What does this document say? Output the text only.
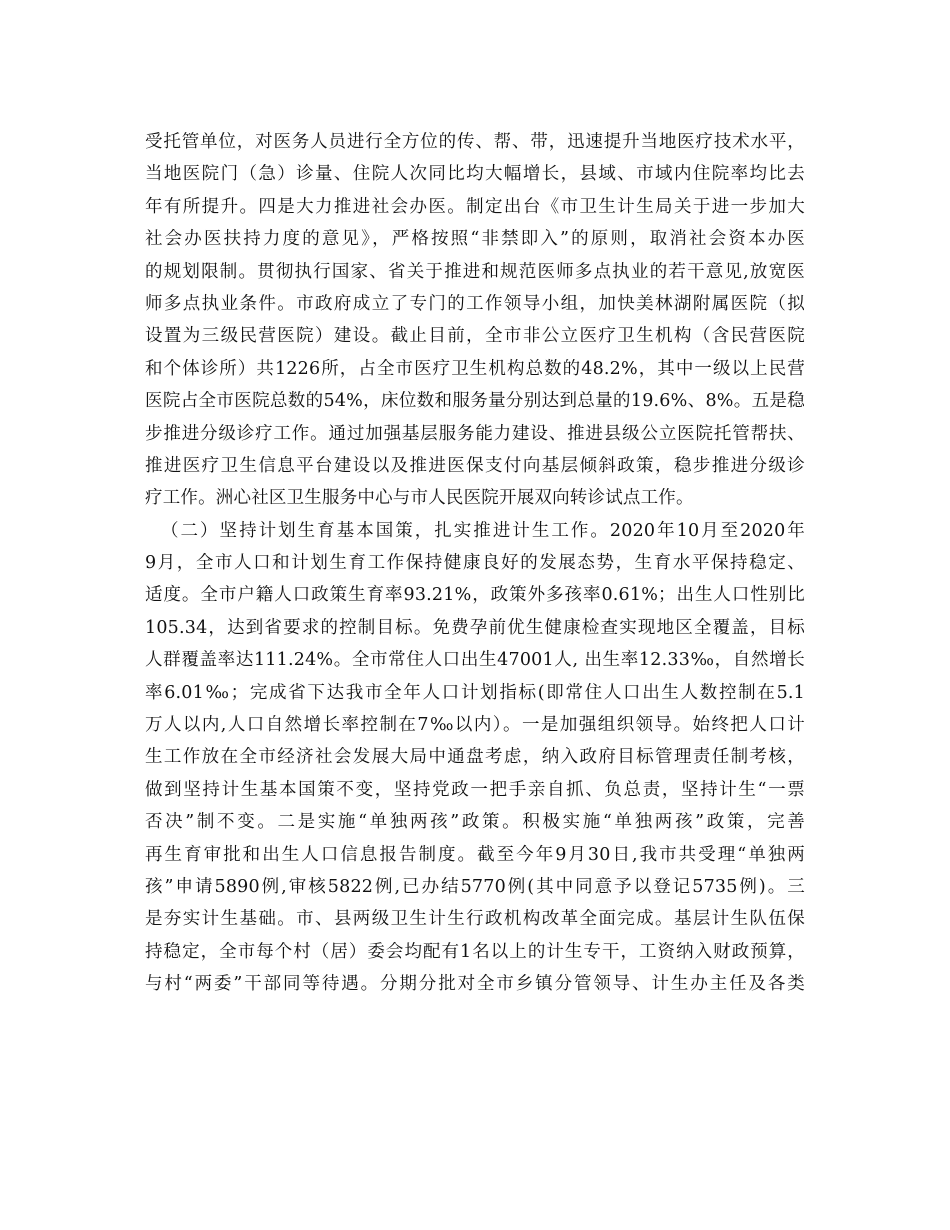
受托管单位，对医务人员进行全方位的传、帮、带，迅速提升当地医疗技术水平，
当地医院门（急）诊量、住院人次同比均大幅增长，县域、市域内住院率均比去
年有所提升。四是大力推进社会办医。制定出台《市卫生计生局关于进一步加大
社会办医扶持力度的意见》，严格按照“非禁即入”的原则，取消社会资本办医
的规划限制。贯彻执行国家、省关于推进和规范医师多点执业的若干意见,放宽医
师多点执业条件。市政府成立了专门的工作领导小组，加快美林湖附属医院（拟
设置为三级民营医院）建设。截止目前，全市非公立医疗卫生机构（含民营医院
和个体诊所）共1226所，占全市医疗卫生机构总数的48.2%，其中一级以上民营
医院占全市医院总数的54%，床位数和服务量分别达到总量的19.6%、8%。五是稳
步推进分级诊疗工作。通过加强基层服务能力建设、推进县级公立医院托管帮扶、
推进医疗卫生信息平台建设以及推进医保支付向基层倾斜政策，稳步推进分级诊
疗工作。洲心社区卫生服务中心与市人民医院开展双向转诊试点工作。
（二）坚持计划生育基本国策，扎实推进计生工作。2020年10月至2020年
9月，全市人口和计划生育工作保持健康良好的发展态势，生育水平保持稳定、
适度。全市户籍人口政策生育率93.21%，政策外多孩率0.61%；出生人口性别比
105.34，达到省要求的控制目标。免费孕前优生健康检查实现地区全覆盖，目标
人群覆盖率达111.24%。全市常住人口出生47001人, 出生率12.33‰，自然增长
率6.01‰；完成省下达我市全年人口计划指标(即常住人口出生人数控制在5.1
万人以内,人口自然增长率控制在7‰以内）。一是加强组织领导。始终把人口计
生工作放在全市经济社会发展大局中通盘考虑，纳入政府目标管理责任制考核，
做到坚持计生基本国策不变，坚持党政一把手亲自抓、负总责，坚持计生“一票
否决”制不变。二是实施“单独两孩”政策。积极实施“单独两孩”政策，完善
再生育审批和出生人口信息报告制度。截至今年9月30日,我市共受理“单独两
孩”申请5890例,审核5822例,已办结5770例(其中同意予以登记5735例)。三
是夯实计生基础。市、县两级卫生计生行政机构改革全面完成。基层计生队伍保
持稳定，全市每个村（居）委会均配有1名以上的计生专干，工资纳入财政预算，
与村“两委”干部同等待遇。分期分批对全市乡镇分管领导、计生办主任及各类
